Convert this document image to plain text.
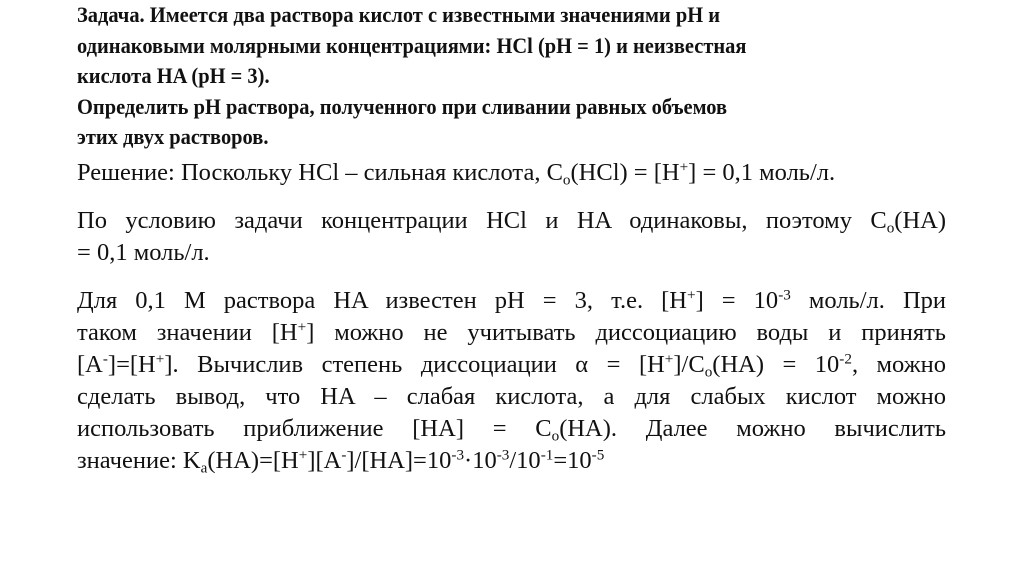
Задача. Имеется два раствора кислот с известными значениями pH и
одинаковыми молярными концентрациями: HCl (pH = 1) и неизвестная
кислота HA (pH = 3).
Определить pH раствора, полученного при сливании равных объемов
этих двух растворов.
Решение: Поскольку HCl – сильная кислота, $C_o(HCl) = [H^+] = 0,1$ моль/л.
По условию задачи концентрации HCl и HA одинаковы, поэтому $C_o(HA)$
= 0,1 моль/л.
Для 0,1 М раствора HA известен pH = 3, т.е. $[H^+] = 10^{-3}$ моль/л. При
таком значении [H+] можно не учитывать диссоциацию воды и принять
[A-]=[H+]. Вычислив степень диссоциации $\alpha = [H^+]/C_o(HA) = 10^{-2}$, можно
сделать вывод, что HA – слабая кислота, а для слабых кислот можно
использовать приближение $[HA] = C_o(HA)$. Далее можно вычислить
значение: $K_a(HA)=[H^+][A^-]/[HA]=10^{-3}\cdot 10^{-3}/10^{-1}=10^{-5}$
